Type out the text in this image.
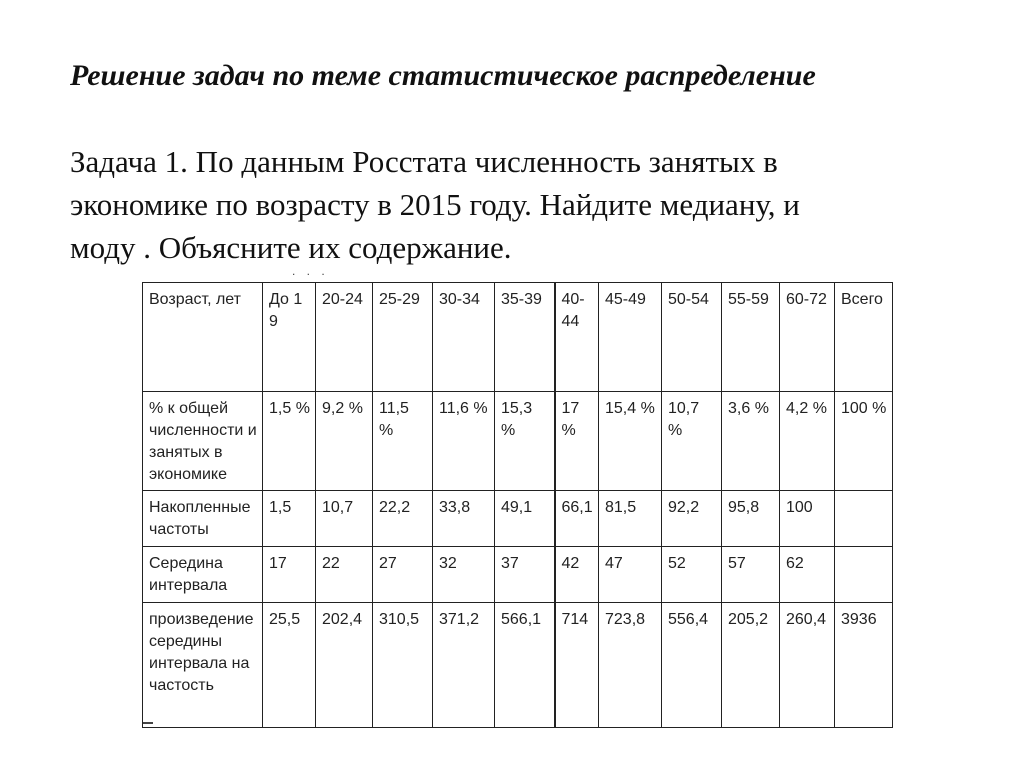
Решение задач по теме статистическое распределение

Задача 1. По данным Росстата численность занятых в
экономике по возрасту в 2015 году. Найдите медиану, и
моду . Объясните их содержание.

. . .
Возраст, лет	До 19	20-24	25-29	30-34	35-39	40-44	45-49	50-54	55-59	60-72	Всего
% к общей численности и занятых в экономике	1,5 %	9,2 %	11,5 %	11,6 %	15,3 %	17 %	15,4 %	10,7 %	3,6 %	4,2 %	100 %
Накопленные частоты	1,5	10,7	22,2	33,8	49,1	66,1	81,5	92,2	95,8	100	
Середина интервала	17	22	27	32	37	42	47	52	57	62	
произведение середины интервала на частость	25,5	202,4	310,5	371,2	566,1	714	723,8	556,4	205,2	260,4	3936
